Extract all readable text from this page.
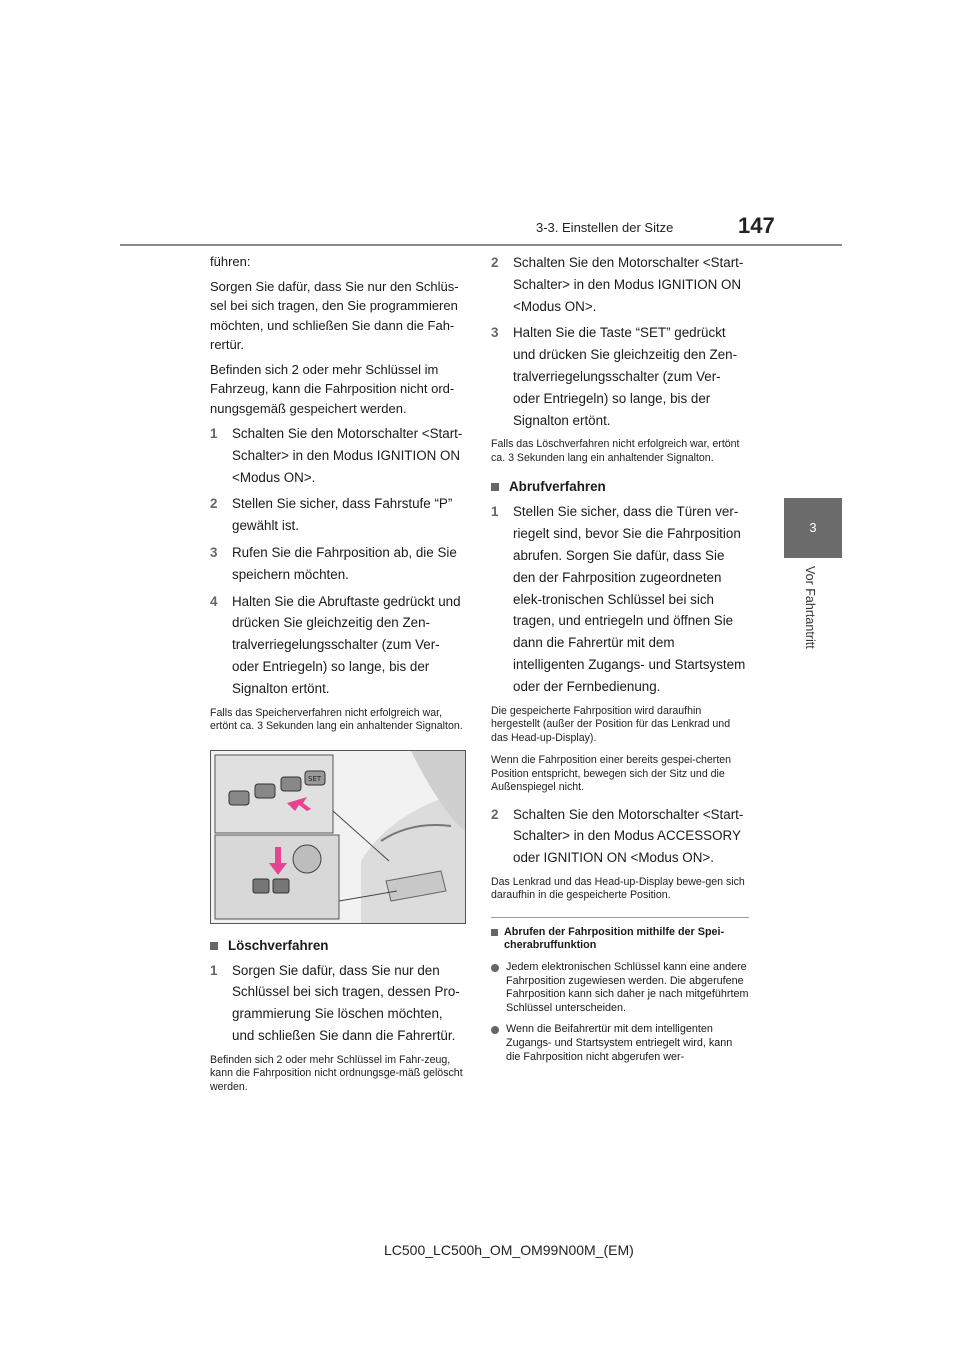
3-3. Einstellen der Sitze	147
3
Vor Fahrtantritt

führen:

Sorgen Sie dafür, dass Sie nur den Schlüs-sel bei sich tragen, den Sie programmieren möchten, und schließen Sie dann die Fah-rertür.

Befinden sich 2 oder mehr Schlüssel im Fahrzeug, kann die Fahrposition nicht ord-nungsgemäß gespeichert werden.

1 Schalten Sie den Motorschalter <Start-Schalter> in den Modus IGNITION ON <Modus ON>.
2 Stellen Sie sicher, dass Fahrstufe “P” gewählt ist.
3 Rufen Sie die Fahrposition ab, die Sie speichern möchten.
4 Halten Sie die Abruftaste gedrückt und drücken Sie gleichzeitig den Zen-tralverriegelungsschalter (zum Ver- oder Entriegeln) so lange, bis der Signalton ertönt.

Falls das Speicherverfahren nicht erfolgreich war, ertönt ca. 3 Sekunden lang ein anhaltender Signalton.

SET
Löschverfahren
1 Sorgen Sie dafür, dass Sie nur den Schlüssel bei sich tragen, dessen Pro-grammierung Sie löschen möchten, und schließen Sie dann die Fahrertür.

Befinden sich 2 oder mehr Schlüssel im Fahr-zeug, kann die Fahrposition nicht ordnungsge-mäß gelöscht werden.

2 Schalten Sie den Motorschalter <Start-Schalter> in den Modus IGNITION ON <Modus ON>.
3 Halten Sie die Taste “SET” gedrückt und drücken Sie gleichzeitig den Zen-tralverriegelungsschalter (zum Ver- oder Entriegeln) so lange, bis der Signalton ertönt.

Falls das Löschverfahren nicht erfolgreich war, ertönt ca. 3 Sekunden lang ein anhaltender Signalton.

Abrufverfahren
1 Stellen Sie sicher, dass die Türen ver-riegelt sind, bevor Sie die Fahrposition abrufen. Sorgen Sie dafür, dass Sie den der Fahrposition zugeordneten elek-tronischen Schlüssel bei sich tragen, und entriegeln und öffnen Sie dann die Fahrertür mit dem intelligenten Zugangs- und Startsystem oder der Fernbedienung.

Die gespeicherte Fahrposition wird daraufhin hergestellt (außer der Position für das Lenkrad und das Head-up-Display).

Wenn die Fahrposition einer bereits gespei-cherten Position entspricht, bewegen sich der Sitz und die Außenspiegel nicht.

2 Schalten Sie den Motorschalter <Start-Schalter> in den Modus ACCESSORY oder IGNITION ON <Modus ON>.

Das Lenkrad und das Head-up-Display bewe-gen sich daraufhin in die gespeicherte Position.

Abrufen der Fahrposition mithilfe der Spei-cherabruffunktion
Jedem elektronischen Schlüssel kann eine andere Fahrposition zugewiesen werden. Die abgerufene Fahrposition kann sich daher je nach mitgeführtem Schlüssel unterscheiden.
Wenn die Beifahrertür mit dem intelligenten Zugangs- und Startsystem entriegelt wird, kann die Fahrposition nicht abgerufen wer-
LC500_LC500h_OM_OM99N00M_(EM)
